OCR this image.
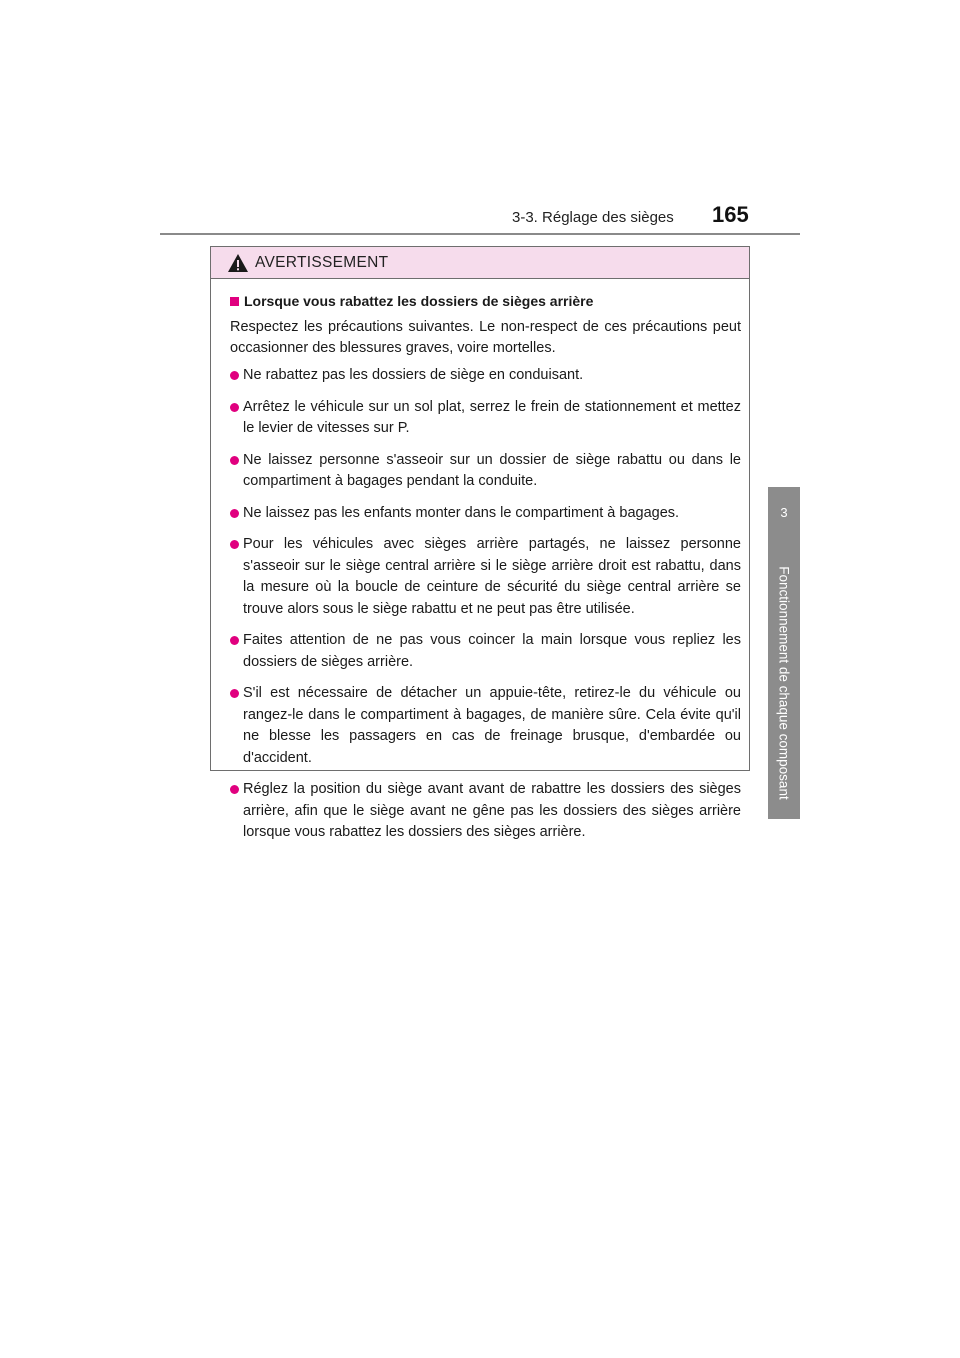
3-3. Réglage des sièges 165
3
Fonctionnement de chaque composant
AVERTISSEMENT
Lorsque vous rabattez les dossiers de sièges arrière

Respectez les précautions suivantes. Le non-respect de ces précautions peut occasionner des blessures graves, voire mortelles.

Ne rabattez pas les dossiers de siège en conduisant.
Arrêtez le véhicule sur un sol plat, serrez le frein de stationnement et mettez le levier de vitesses sur P.
Ne laissez personne s'asseoir sur un dossier de siège rabattu ou dans le compartiment à bagages pendant la conduite.
Ne laissez pas les enfants monter dans le compartiment à bagages.
Pour les véhicules avec sièges arrière partagés, ne laissez personne s'asseoir sur le siège central arrière si le siège arrière droit est rabattu, dans la mesure où la boucle de ceinture de sécurité du siège central arrière se trouve alors sous le siège rabattu et ne peut pas être utilisée.
Faites attention de ne pas vous coincer la main lorsque vous repliez les dossiers de sièges arrière.
S'il est nécessaire de détacher un appuie-tête, retirez-le du véhicule ou rangez-le dans le compartiment à bagages, de manière sûre. Cela évite qu'il ne blesse les passagers en cas de freinage brusque, d'embardée ou d'accident.
Réglez la position du siège avant avant de rabattre les dossiers des sièges arrière, afin que le siège avant ne gêne pas les dossiers des sièges arrière lorsque vous rabattez les dossiers des sièges arrière.
